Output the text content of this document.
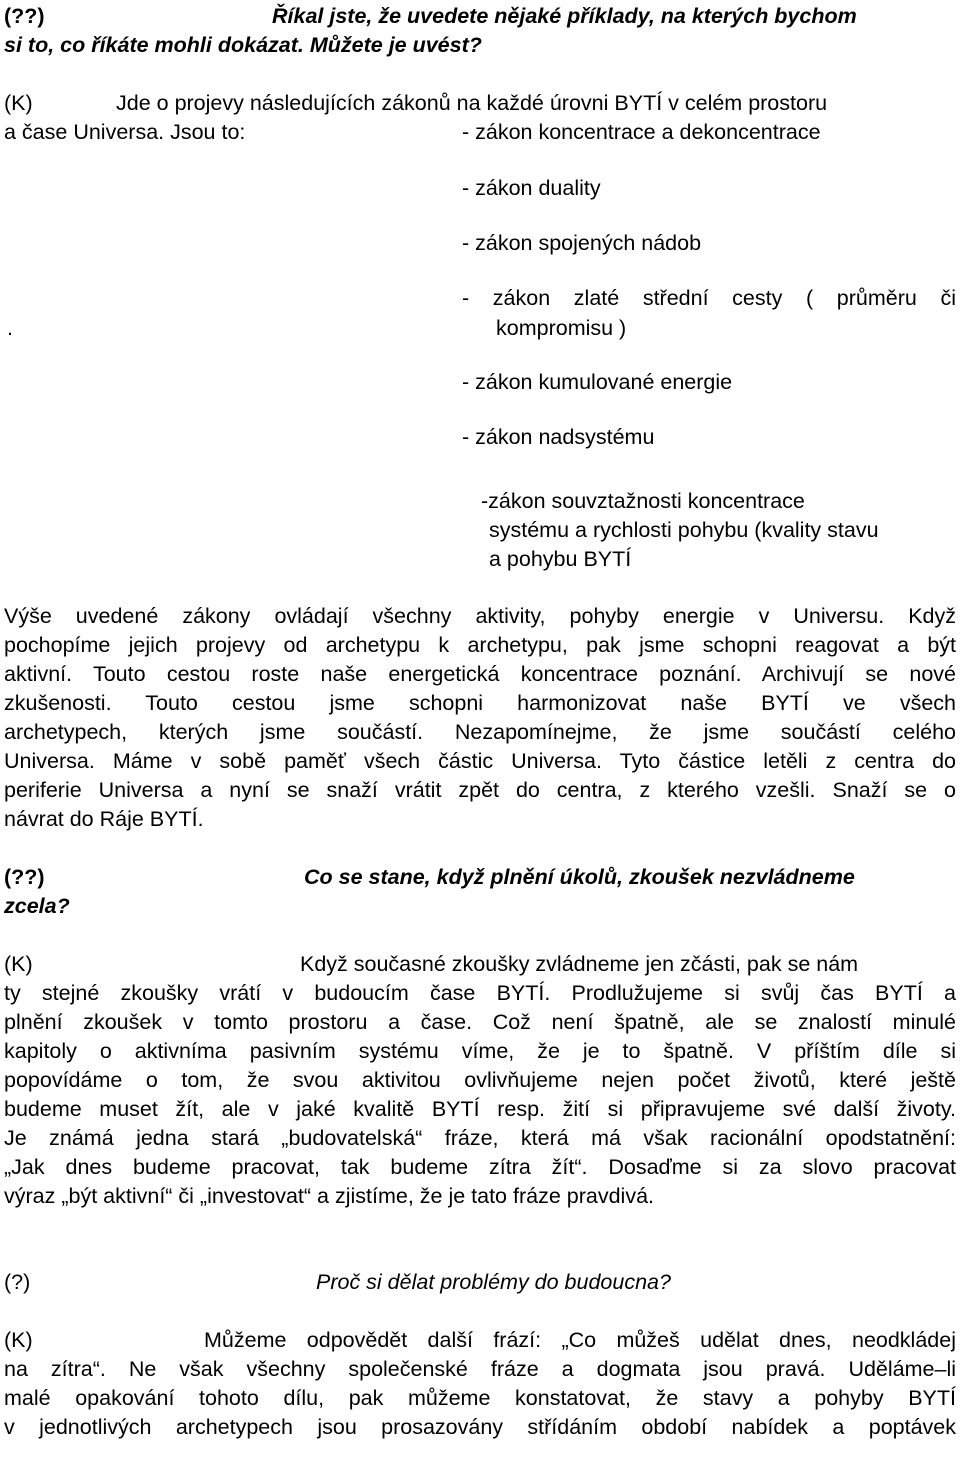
(??)	Říkal jste, že uvedete nějaké příklady, na kterých bychom
si to, co říkáte mohli dokázat. Můžete je uvést?
(K)	Jde o projevy následujících zákonů na každé úrovni BYTÍ v celém prostoru
a čase Universa. Jsou to:	- zákon koncentrace a dekoncentrace
- zákon duality
- zákon spojených nádob
- zákon zlaté střední cesty ( průměru či
.	kompromisu )
- zákon kumulované energie
- zákon nadsystému
-zákon souvztažnosti koncentrace
systému a rychlosti pohybu (kvality stavu
a pohybu BYTÍ
Výše uvedené zákony ovládají všechny aktivity, pohyby energie v Universu. Když
pochopíme jejich projevy od archetypu k archetypu, pak jsme schopni reagovat a být
aktivní. Touto cestou roste naše energetická koncentrace poznání. Archivují se nové
zkušenosti. Touto cestou jsme schopni harmonizovat naše BYTÍ ve všech
archetypech, kterých jsme součástí. Nezapomínejme, že jsme součástí celého
Universa. Máme v sobě paměť všech částic Universa. Tyto částice letěli z centra do
periferie Universa a nyní se snaží vrátit zpět do centra, z kterého vzešli. Snaží se o
návrat do Ráje BYTÍ.
(??)	Co se stane, když plnění úkolů, zkoušek nezvládneme
zcela?
(K)	Když současné zkoušky zvládneme jen zčásti, pak se nám
ty stejné zkoušky vrátí v budoucím čase BYTÍ. Prodlužujeme si svůj čas BYTÍ a
plnění zkoušek v tomto prostoru a čase. Což není špatně, ale se znalostí minulé
kapitoly o aktivníma pasivním systému víme, že je to špatně. V příštím díle si
popovídáme o tom, že svou aktivitou ovlivňujeme nejen počet životů, které ještě
budeme muset žít, ale v jaké kvalitě BYTÍ resp. žití si připravujeme své další životy.
Je známá jedna stará „budovatelská“ fráze, která má však racionální opodstatnění:
„Jak dnes budeme pracovat, tak budeme zítra žít“. Dosaďme si za slovo pracovat
výraz „být aktivní“ či „investovat“ a zjistíme, že je tato fráze pravdivá.
(?)	Proč si dělat problémy do budoucna?
(K)	Můžeme odpovědět další frází: „Co můžeš udělat dnes, neodkládej
na zítra“. Ne však všechny společenské fráze a dogmata jsou pravá. Uděláme–li
malé opakování tohoto dílu, pak můžeme konstatovat, že stavy a pohyby BYTÍ
v jednotlivých archetypech jsou prosazovány střídáním období nabídek a poptávek
